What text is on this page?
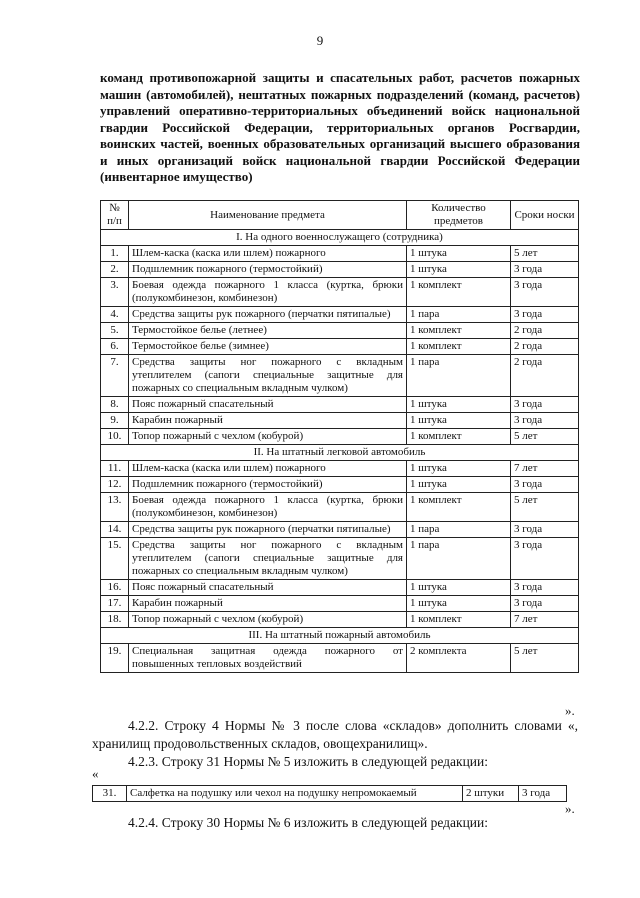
9
команд противопожарной защиты и спасательных работ, расчетов пожарных машин (автомобилей), нештатных пожарных подразделений (команд, расчетов) управлений оперативно-территориальных объединений войск национальной гвардии Российской Федерации, территориальных органов Росгвардии, воинских частей, военных образовательных организаций высшего образования и иных организаций войск национальной гвардии Российской Федерации (инвентарное имущество)
№ п/п	Наименование предмета	Количество предметов	Сроки носки
I. На одного военнослужащего (сотрудника)			
1.	Шлем-каска (каска или шлем) пожарного	1 штука	5 лет
2.	Подшлемник пожарного (термостойкий)	1 штука	3 года
3.	Боевая одежда пожарного 1 класса (куртка, брюки (полукомбинезон, комбинезон)	1 комплект	3 года
4.	Средства защиты рук пожарного (перчатки пятипалые)	1 пара	3 года
5.	Термостойкое белье (летнее)	1 комплект	2 года
6.	Термостойкое белье (зимнее)	1 комплект	2 года
7.	Средства защиты ног пожарного с вкладным утеплителем (сапоги специальные защитные для пожарных со специальным вкладным чулком)	1 пара	2 года
8.	Пояс пожарный спасательный	1 штука	3 года
9.	Карабин пожарный	1 штука	3 года
10.	Топор пожарный с чехлом (кобурой)	1 комплект	5 лет
II. На штатный легковой автомобиль			
11.	Шлем-каска (каска или шлем) пожарного	1 штука	7 лет
12.	Подшлемник пожарного (термостойкий)	1 штука	3 года
13.	Боевая одежда пожарного 1 класса (куртка, брюки (полукомбинезон, комбинезон)	1 комплект	5 лет
14.	Средства защиты рук пожарного (перчатки пятипалые)	1 пара	3 года
15.	Средства защиты ног пожарного с вкладным утеплителем (сапоги специальные защитные для пожарных со специальным вкладным чулком)	1 пара	3 года
16.	Пояс пожарный спасательный	1 штука	3 года
17.	Карабин пожарный	1 штука	3 года
18.	Топор пожарный с чехлом (кобурой)	1 комплект	7 лет
III. На штатный пожарный автомобиль			
19.	Специальная защитная одежда пожарного от повышенных тепловых воздействий	2 комплекта	5 лет
».
4.2.2. Строку 4 Нормы № 3 после слова «складов» дополнить словами «, хранилищ продовольственных складов, овощехранилищ».
4.2.3. Строку 31 Нормы № 5 изложить в следующей редакции:
«
31.	Салфетка на подушку или чехол на подушку непромокаемый	2 штуки	3 года
».
4.2.4. Строку 30 Нормы № 6 изложить в следующей редакции:
